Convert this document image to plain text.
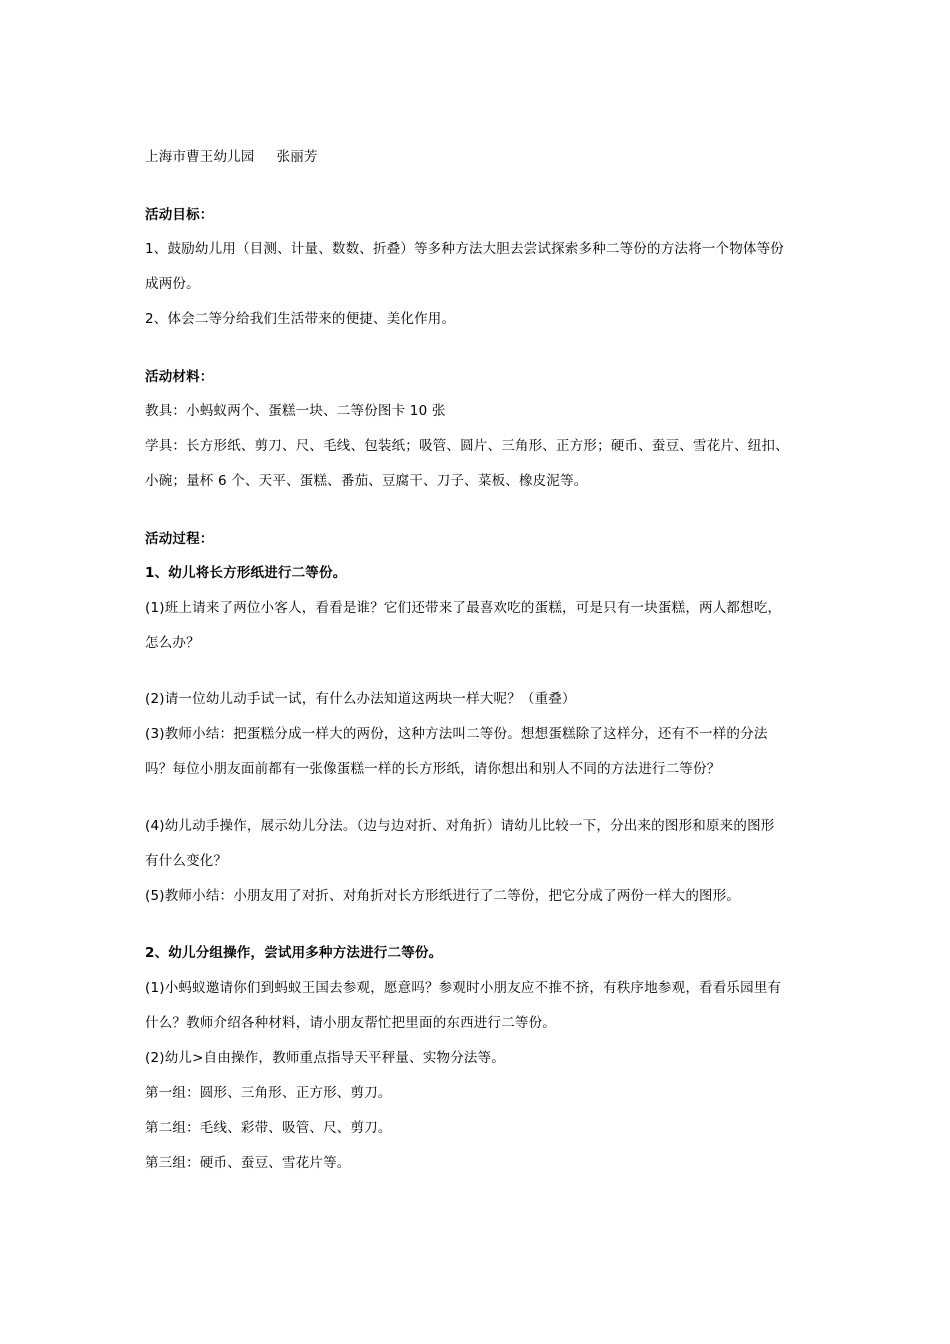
上海市曹王幼儿园 张丽芳
活动目标：
1、鼓励幼儿用（目测、计量、数数、折叠）等多种方法大胆去尝试探索多种二等份的方法将一个物体等份
成两份。
2、体会二等分给我们生活带来的便捷、美化作用。
活动材料：
教具：小蚂蚁两个、蛋糕一块、二等份图卡 10 张
学具：长方形纸、剪刀、尺、毛线、包装纸；吸管、圆片、三角形、正方形；硬币、蚕豆、雪花片、纽扣、
小碗；量杯 6 个、天平、蛋糕、番茄、豆腐干、刀子、菜板、橡皮泥等。
活动过程：
1、幼儿将长方形纸进行二等份。
(1)班上请来了两位小客人，看看是谁？它们还带来了最喜欢吃的蛋糕，可是只有一块蛋糕，两人都想吃，
怎么办？
(2)请一位幼儿动手试一试，有什么办法知道这两块一样大呢？（重叠）
(3)教师小结：把蛋糕分成一样大的两份，这种方法叫二等份。想想蛋糕除了这样分，还有不一样的分法
吗？每位小朋友面前都有一张像蛋糕一样的长方形纸，请你想出和别人不同的方法进行二等份？
(4)幼儿动手操作，展示幼儿分法。（边与边对折、对角折）请幼儿比较一下，分出来的图形和原来的图形
有什么变化？
(5)教师小结：小朋友用了对折、对角折对长方形纸进行了二等份，把它分成了两份一样大的图形。
2、幼儿分组操作，尝试用多种方法进行二等份。
(1)小蚂蚁邀请你们到蚂蚁王国去参观，愿意吗？参观时小朋友应不推不挤，有秩序地参观，看看乐园里有
什么？教师介绍各种材料，请小朋友帮忙把里面的东西进行二等份。
(2)幼儿>自由操作，教师重点指导天平秤量、实物分法等。
第一组：圆形、三角形、正方形、剪刀。
第二组：毛线、彩带、吸管、尺、剪刀。
第三组：硬币、蚕豆、雪花片等。
